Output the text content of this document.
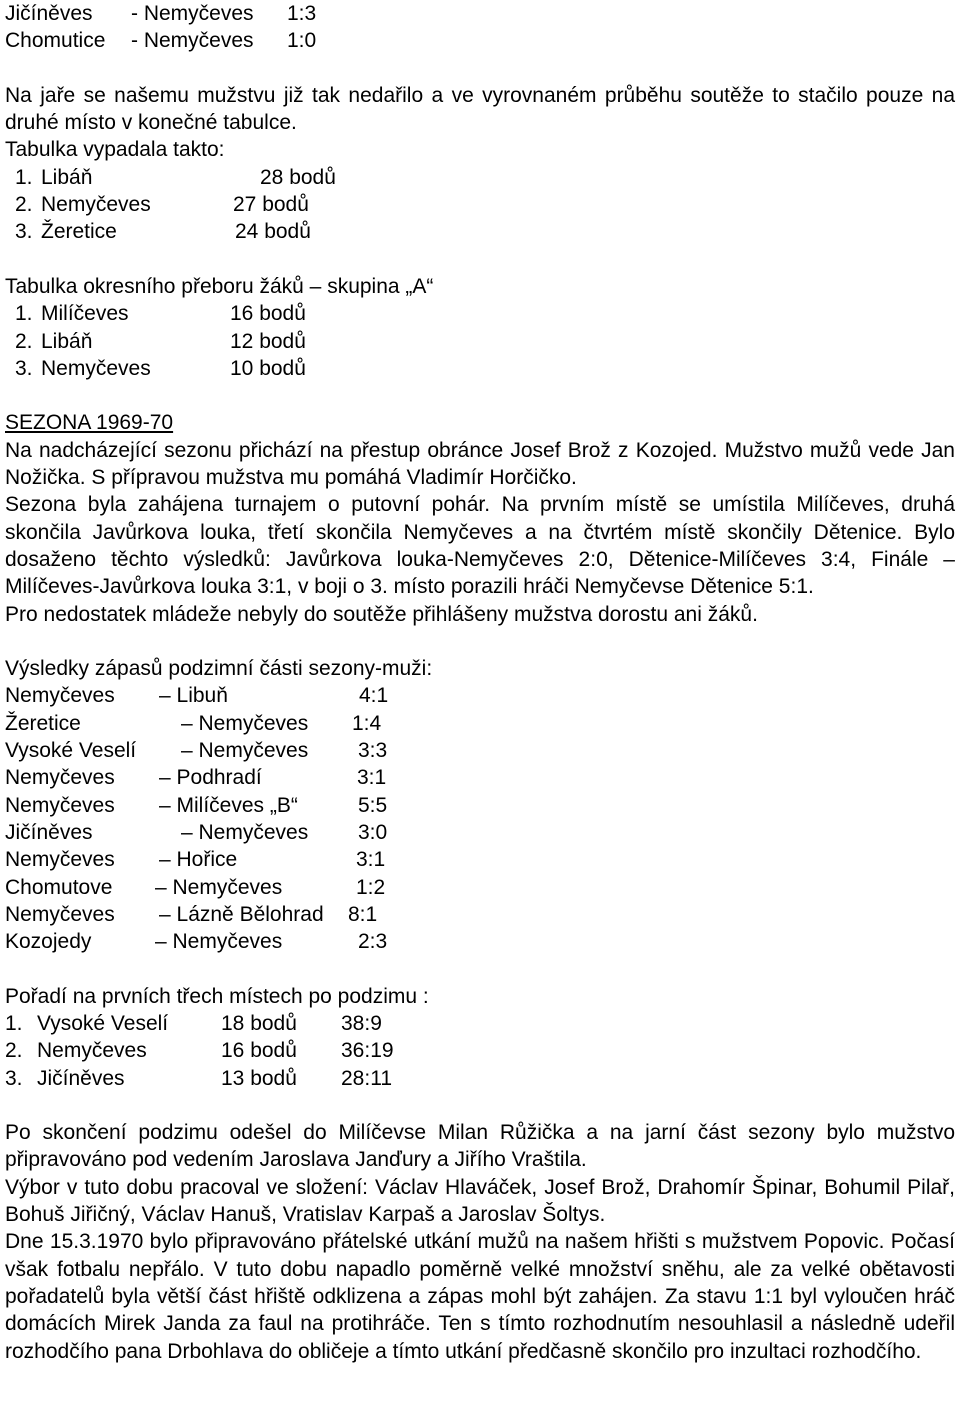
Jičíněves - Nemyčeves 1:3
Chomutice - Nemyčeves 1:0
Na jaře se našemu mužstvu již tak nedařilo a ve vyrovnaném průběhu soutěže to stačilo pouze na druhé místo v konečné tabulce.
Tabulka vypadala takto:
1. Libáň	28 bodů
2. Nemyčeves	27 bodů
3. Žeretice	24 bodů
Tabulka okresního přeboru žáků – skupina „A“
1. Milíčeves	16 bodů
2. Libáň	12 bodů
3. Nemyčeves	10 bodů
SEZONA 1969-70
Na nadcházející sezonu přichází na přestup obránce Josef Brož z Kozojed. Mužstvo mužů vede Jan Nožička. S přípravou mužstva mu pomáhá Vladimír Horčičko.
Sezona byla zahájena turnajem o putovní pohár. Na prvním místě se umístila Milíčeves, druhá skončila Javůrkova louka, třetí skončila Nemyčeves a na čtvrtém místě skončily Dětenice. Bylo dosaženo těchto výsledků: Javůrkova louka-Nemyčeves 2:0, Dětenice-Milíčeves 3:4, Finále – Milíčeves-Javůrkova louka 3:1, v boji o 3. místo porazili hráči Nemyčevse Dětenice 5:1.
Pro nedostatek mládeže nebyly do soutěže přihlášeny mužstva dorostu ani žáků.
Výsledky zápasů podzimní části sezony-muži:
Nemyčeves – Libuň	4:1
Žeretice	– Nemyčeves 1:4
Vysoké Veselí – Nemyčeves 3:3
Nemyčeves – Podhradí	3:1
Nemyčeves – Milíčeves „B“	5:5
Jičíněves	– Nemyčeves 3:0
Nemyčeves – Hořice	3:1
Chomutove – Nemyčeves	1:2
Nemyčeves – Lázně Bělohrad 8:1
Kozojedy	– Nemyčeves	2:3
Pořadí na prvních třech místech po podzimu :
1. Vysoké Veselí	18 bodů 38:9
2. Nemyčeves	16 bodů 36:19
3. Jičíněves	13 bodů 28:11
Po skončení podzimu odešel do Milíčevse Milan Růžička a na jarní část sezony bylo mužstvo připravováno pod vedením Jaroslava Janďury a Jiřího Vraštila.
Výbor v tuto dobu pracoval ve složení: Václav Hlaváček, Josef Brož, Drahomír Špinar, Bohumil Pilař, Bohuš Jiřičný, Václav Hanuš, Vratislav Karpaš a Jaroslav Šoltys.
Dne 15.3.1970 bylo připravováno přátelské utkání mužů na našem hřišti s mužstvem Popovic. Počasí však fotbalu nepřálo. V tuto dobu napadlo poměrně velké množství sněhu, ale za velké obětavosti pořadatelů byla větší část hřiště odklizena a zápas mohl být zahájen. Za stavu 1:1 byl vyloučen hráč domácích Mirek Janda za faul na protihráče. Ten s tímto rozhodnutím nesouhlasil a následně udeřil rozhodčího pana Drbohlava do obličeje a tímto utkání předčasně skončilo pro inzultaci rozhodčího.
